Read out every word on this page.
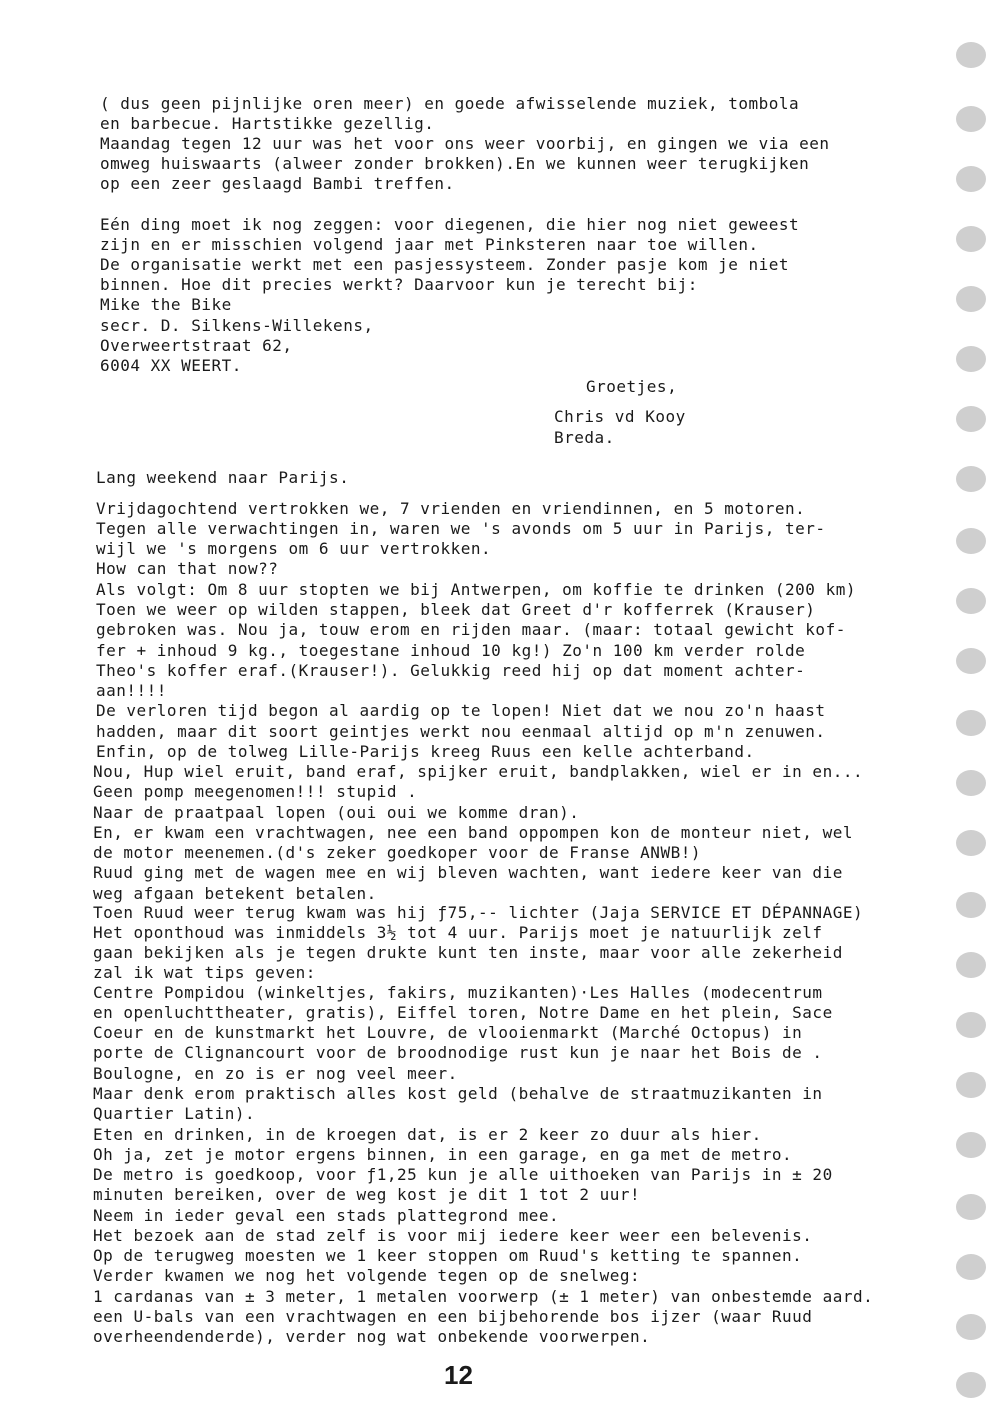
( dus geen pijnlijke oren meer) en goede afwisselende muziek, tombola
en barbecue. Hartstikke gezellig.
Maandag tegen 12 uur was het voor ons weer voorbij, en gingen we via een
omweg huiswaarts (alweer zonder brokken).En we kunnen weer terugkijken
op een zeer geslaagd Bambi treffen.
Eén ding moet ik nog zeggen: voor diegenen, die hier nog niet geweest
zijn en er misschien volgend jaar met Pinksteren naar toe willen.
De organisatie werkt met een pasjessysteem. Zonder pasje kom je niet
binnen. Hoe dit precies werkt? Daarvoor kun je terecht bij:
Mike the Bike
secr. D. Silkens-Willekens,
Overweertstraat 62,
6004 XX WEERT.
Groetjes,
Chris vd Kooy
Breda.
Lang weekend naar Parijs.
Vrijdagochtend vertrokken we, 7 vrienden en vriendinnen, en 5 motoren.
Tegen alle verwachtingen in, waren we 's avonds om 5 uur in Parijs, ter-
wijl we 's morgens om 6 uur vertrokken.
How can that now??
Als volgt: Om 8 uur stopten we bij Antwerpen, om koffie te drinken (200 km)
Toen we weer op wilden stappen, bleek dat Greet d'r kofferrek (Krauser)
gebroken was. Nou ja, touw erom en rijden maar. (maar: totaal gewicht kof-
fer + inhoud 9 kg., toegestane inhoud 10 kg!) Zo'n 100 km verder rolde
Theo's koffer eraf.(Krauser!). Gelukkig reed hij op dat moment achter-
aan!!!!
De verloren tijd begon al aardig op te lopen! Niet dat we nou zo'n haast
hadden, maar dit soort geintjes werkt nou eenmaal altijd op m'n zenuwen.
Enfin, op de tolweg Lille-Parijs kreeg Ruus een kelle achterband.
Nou, Hup wiel eruit, band eraf, spijker eruit, bandplakken, wiel er in en...
Geen pomp meegenomen!!! stupid .
Naar de praatpaal lopen (oui oui we komme dran).
En, er kwam een vrachtwagen, nee een band oppompen kon de monteur niet, wel
de motor meenemen.(d's zeker goedkoper voor de Franse ANWB!)
Ruud ging met de wagen mee en wij bleven wachten, want iedere keer van die
weg afgaan betekent betalen.
Toen Ruud weer terug kwam was hij ƒ75,-- lichter (Jaja SERVICE ET DÉPANNAGE)
Het oponthoud was inmiddels 3½ tot 4 uur. Parijs moet je natuurlijk zelf
gaan bekijken als je tegen drukte kunt ten inste, maar voor alle zekerheid
zal ik wat tips geven:
Centre Pompidou (winkeltjes, fakirs, muzikanten)·Les Halles (modecentrum
en openluchttheater, gratis), Eiffel toren, Notre Dame en het plein, Sace
Coeur en de kunstmarkt het Louvre, de vlooienmarkt (Marché Octopus) in
porte de Clignancourt voor de broodnodige rust kun je naar het Bois de .
Boulogne, en zo is er nog veel meer.
Maar denk erom praktisch alles kost geld (behalve de straatmuzikanten in
Quartier Latin).
Eten en drinken, in de kroegen dat, is er 2 keer zo duur als hier.
Oh ja, zet je motor ergens binnen, in een garage, en ga met de metro.
De metro is goedkoop, voor ƒ1,25 kun je alle uithoeken van Parijs in ± 20
minuten bereiken, over de weg kost je dit 1 tot 2 uur!
Neem in ieder geval een stads plattegrond mee.
Het bezoek aan de stad zelf is voor mij iedere keer weer een belevenis.
Op de terugweg moesten we 1 keer stoppen om Ruud's ketting te spannen.
Verder kwamen we nog het volgende tegen op de snelweg:
1 cardanas van ± 3 meter, 1 metalen voorwerp (± 1 meter) van onbestemde aard.
een U-bals van een vrachtwagen en een bijbehorende bos ijzer (waar Ruud
overheendenderde), verder nog wat onbekende voorwerpen.
12
